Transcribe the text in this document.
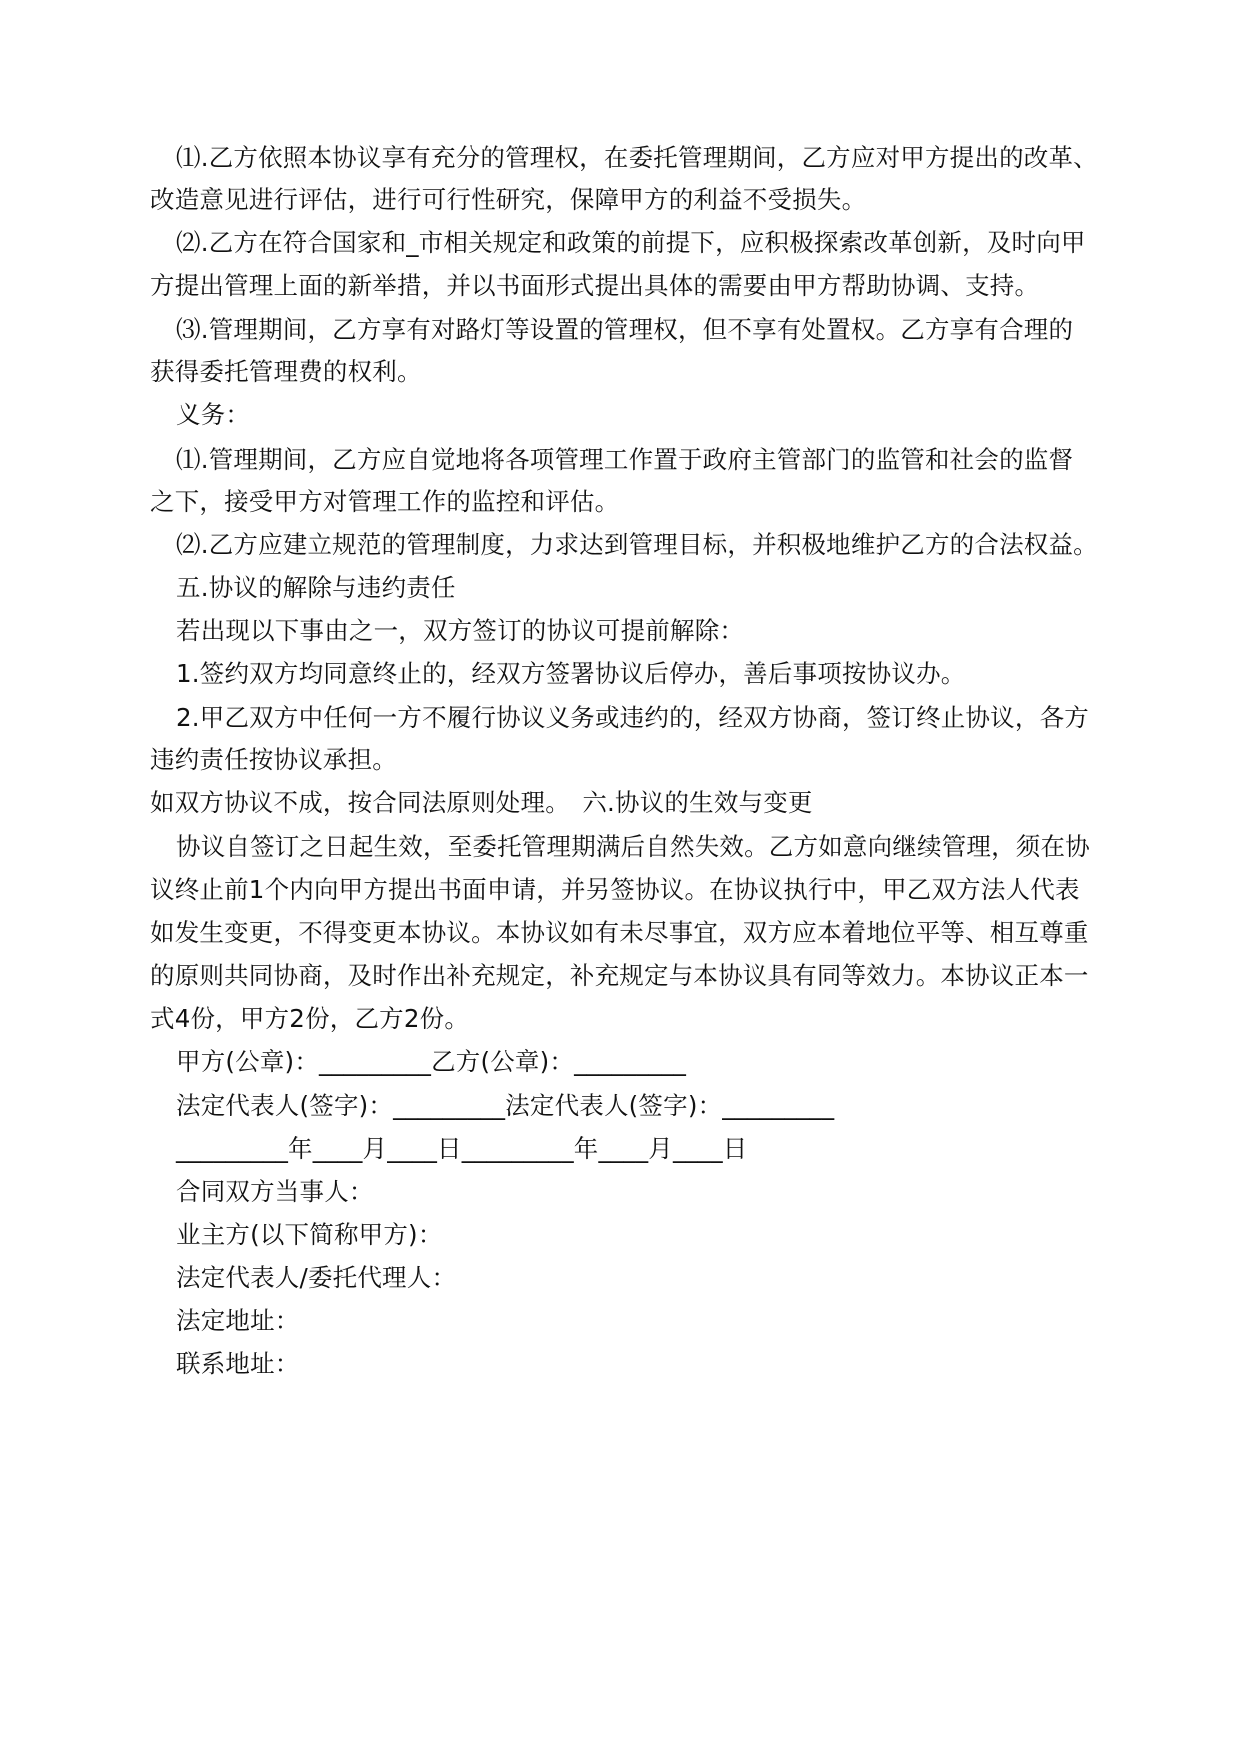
⑴.乙方依照本协议享有充分的管理权，在委托管理期间，乙方应对甲方提出的改革、
改造意见进行评估，进行可行性研究，保障甲方的利益不受损失。
⑵.乙方在符合国家和_市相关规定和政策的前提下，应积极探索改革创新，及时向甲
方提出管理上面的新举措，并以书面形式提出具体的需要由甲方帮助协调、支持。
⑶.管理期间，乙方享有对路灯等设置的管理权，但不享有处置权。乙方享有合理的
获得委托管理费的权利。
义务：
⑴.管理期间，乙方应自觉地将各项管理工作置于政府主管部门的监管和社会的监督
之下，接受甲方对管理工作的监控和评估。
⑵.乙方应建立规范的管理制度，力求达到管理目标，并积极地维护乙方的合法权益。
五.协议的解除与违约责任
若出现以下事由之一，双方签订的协议可提前解除：
1.签约双方均同意终止的，经双方签署协议后停办，善后事项按协议办。
2.甲乙双方中任何一方不履行协议义务或违约的，经双方协商，签订终止协议，各方
违约责任按协议承担。
如双方协议不成，按合同法原则处理。　六.协议的生效与变更
协议自签订之日起生效，至委托管理期满后自然失效。乙方如意向继续管理，须在协
议终止前1个内向甲方提出书面申请，并另签协议。在协议执行中，甲乙双方法人代表
如发生变更，不得变更本协议。本协议如有未尽事宜，双方应本着地位平等、相互尊重
的原则共同协商，及时作出补充规定，补充规定与本协议具有同等效力。本协议正本一
式4份，甲方2份，乙方2份。
甲方(公章)：_________乙方(公章)：_________
法定代表人(签字)：_________法定代表人(签字)：_________
_________年____月____日_________年____月____日
合同双方当事人：
业主方(以下简称甲方)：
法定代表人/委托代理人：
法定地址：
联系地址：
